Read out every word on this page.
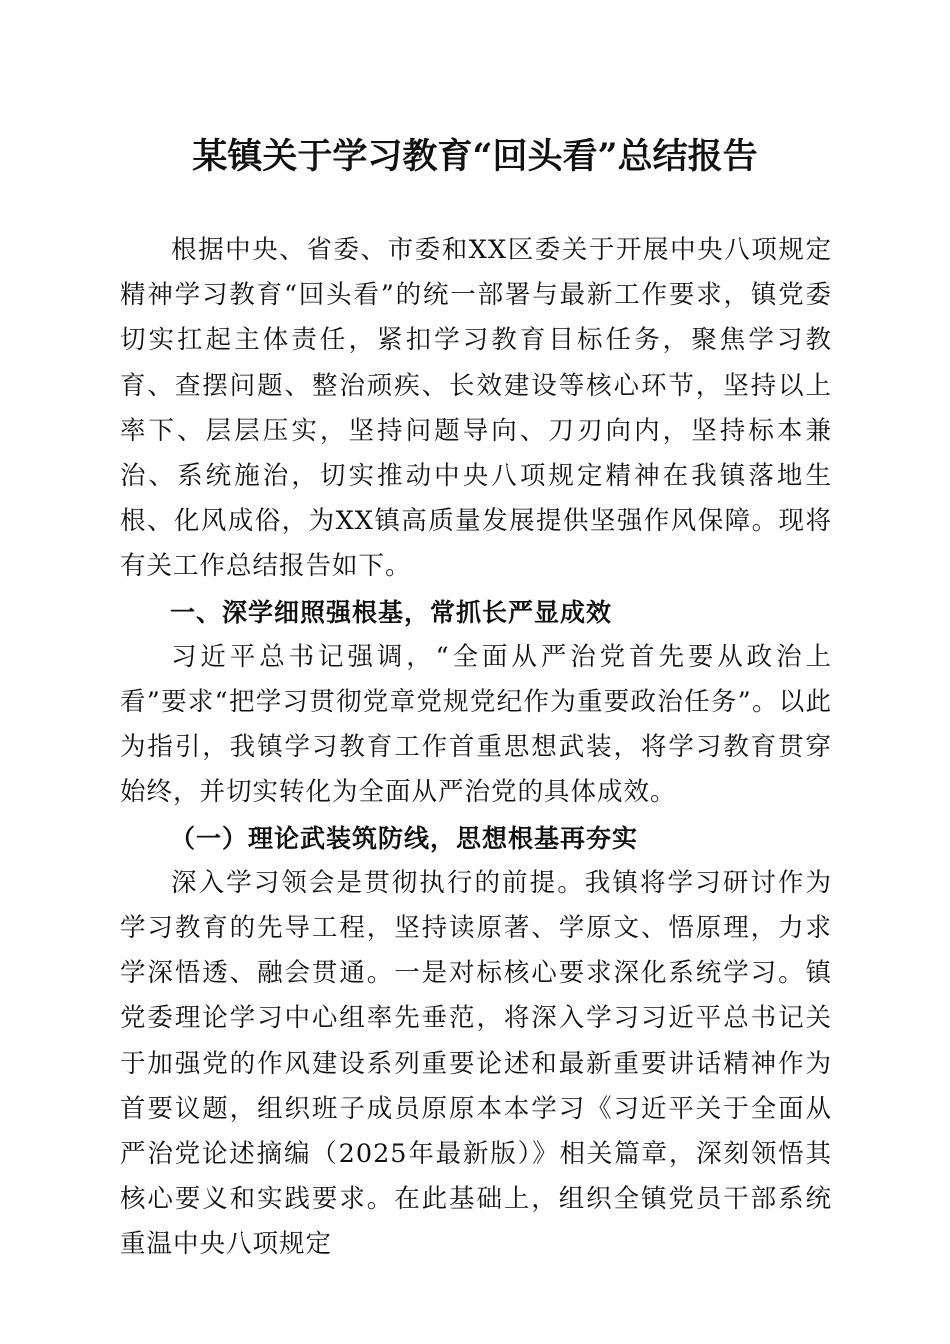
某镇关于学习教育“回头看”总结报告

根据中央、省委、市委和XX区委关于开展中央八项规定精神学习教育“回头看”的统一部署与最新工作要求，镇党委切实扛起主体责任，紧扣学习教育目标任务，聚焦学习教育、查摆问题、整治顽疾、长效建设等核心环节，坚持以上率下、层层压实，坚持问题导向、刀刃向内，坚持标本兼治、系统施治，切实推动中央八项规定精神在我镇落地生根、化风成俗，为XX镇高质量发展提供坚强作风保障。现将有关工作总结报告如下。

一、深学细照强根基，常抓长严显成效

习近平总书记强调，“全面从严治党首先要从政治上看”要求“把学习贯彻党章党规党纪作为重要政治任务”。以此为指引，我镇学习教育工作首重思想武装，将学习教育贯穿始终，并切实转化为全面从严治党的具体成效。

（一）理论武装筑防线，思想根基再夯实

深入学习领会是贯彻执行的前提。我镇将学习研讨作为学习教育的先导工程，坚持读原著、学原文、悟原理，力求学深悟透、融会贯通。一是对标核心要求深化系统学习。镇党委理论学习中心组率先垂范，将深入学习习近平总书记关于加强党的作风建设系列重要论述和最新重要讲话精神作为首要议题，组织班子成员原原本本学习《习近平关于全面从严治党论述摘编（2025年最新版）》相关篇章，深刻领悟其核心要义和实践要求。在此基础上，组织全镇党员干部系统重温中央八项规定
